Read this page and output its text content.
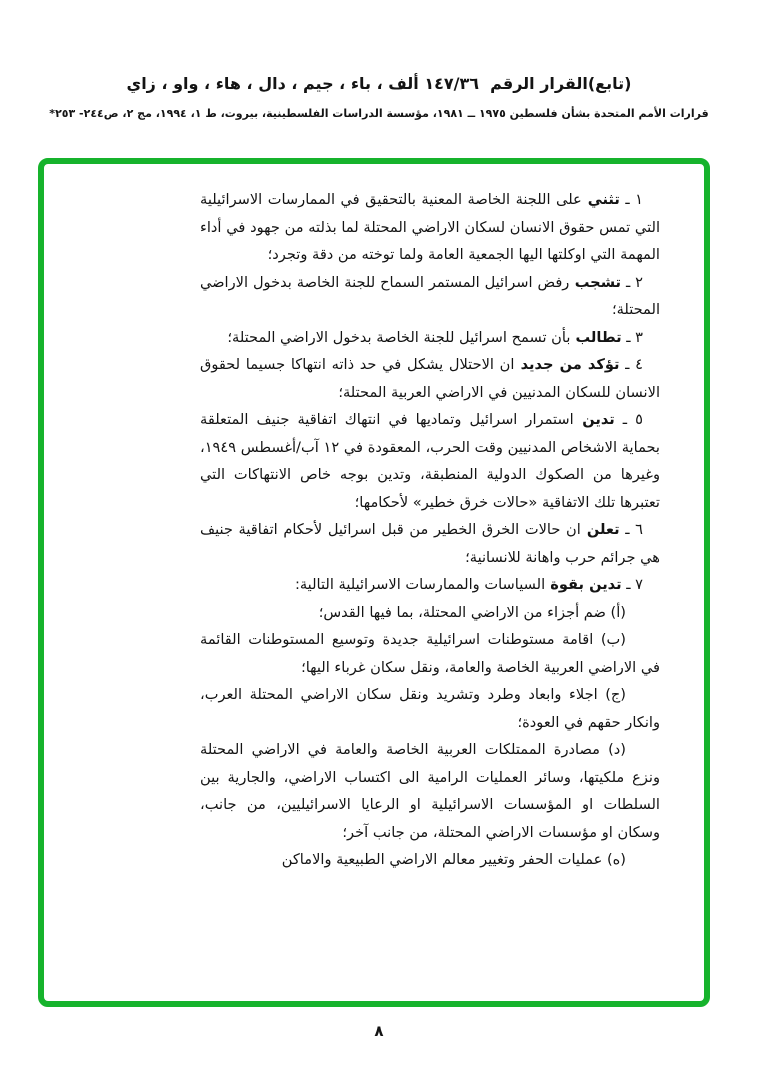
(تابع)القرار الرقم  ١٤٧/٣٦ ألف ، باء ، جيم ، دال ، هاء ، واو ، زاي
قرارات الأمم المتحدة بشأن فلسطين ١٩٧٥ ــ ١٩٨١، مؤسسة الدراسات الفلسطينية، بيروت، ط ١، ١٩٩٤، مج ٢، ص٢٤٤- ٢٥٣*

١ ـ تثني على اللجنة الخاصة المعنية بالتحقيق في الممارسات الاسرائيلية التي تمس حقوق الانسان لسكان الاراضي المحتلة لما بذلته من جهود في أداء المهمة التي اوكلتها اليها الجمعية العامة ولما توخته من دقة وتجرد؛

٢ ـ تشجب رفض اسرائيل المستمر السماح للجنة الخاصة بدخول الاراضي المحتلة؛

٣ ـ تطالب بأن تسمح اسرائيل للجنة الخاصة بدخول الاراضي المحتلة؛

٤ ـ تؤكد من جديد ان الاحتلال يشكل في حد ذاته انتهاكا جسيما لحقوق الانسان للسكان المدنيين في الاراضي العربية المحتلة؛

٥ ـ تدين استمرار اسرائيل وتماديها في انتهاك اتفاقية جنيف المتعلقة بحماية الاشخاص المدنيين وقت الحرب، المعقودة في ١٢ آب/أغسطس ١٩٤٩، وغيرها من الصكوك الدولية المنطبقة، وتدين بوجه خاص الانتهاكات التي تعتبرها تلك الاتفاقية «حالات خرق خطير» لأحكامها؛

٦ ـ تعلن ان حالات الخرق الخطير من قبل اسرائيل لأحكام اتفاقية جنيف هي جرائم حرب واهانة للانسانية؛

٧ ـ تدين بقوة السياسات والممارسات الاسرائيلية التالية:

(أ) ضم أجزاء من الاراضي المحتلة، بما فيها القدس؛

(ب) اقامة مستوطنات اسرائيلية جديدة وتوسيع المستوطنات القائمة في الاراضي العربية الخاصة والعامة، ونقل سكان غرباء اليها؛

(ج) اجلاء وابعاد وطرد وتشريد ونقل سكان الاراضي المحتلة العرب، وانكار حقهم في العودة؛

(د) مصادرة الممتلكات العربية الخاصة والعامة في الاراضي المحتلة ونزع ملكيتها، وسائر العمليات الرامية الى اكتساب الاراضي، والجارية بين السلطات او المؤسسات الاسرائيلية او الرعايا الاسرائيليين، من جانب، وسكان او مؤسسات الاراضي المحتلة، من جانب آخر؛

(ه) عمليات الحفر وتغيير معالم الاراضي الطبيعية والاماكن

٨
